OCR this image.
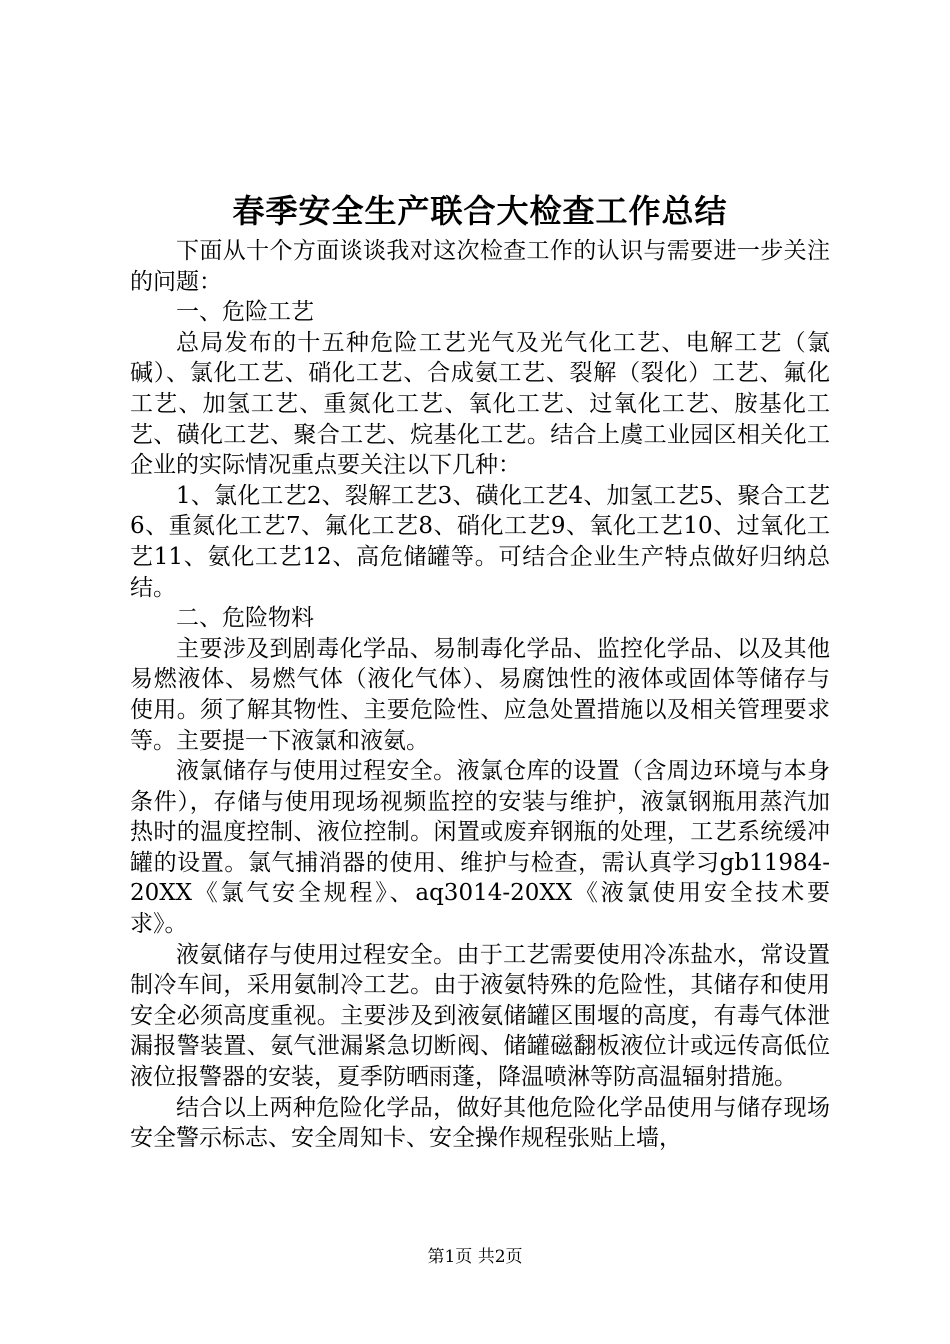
春季安全生产联合大检查工作总结

下面从十个方面谈谈我对这次检查工作的认识与需要进一步关注的问题：

一、危险工艺

总局发布的十五种危险工艺光气及光气化工艺、电解工艺（氯碱）、氯化工艺、硝化工艺、合成氨工艺、裂解（裂化）工艺、氟化工艺、加氢工艺、重氮化工艺、氧化工艺、过氧化工艺、胺基化工艺、磺化工艺、聚合工艺、烷基化工艺。结合上虞工业园区相关化工企业的实际情况重点要关注以下几种：

1、氯化工艺2、裂解工艺3、磺化工艺4、加氢工艺5、聚合工艺6、重氮化工艺7、氟化工艺8、硝化工艺9、氧化工艺10、过氧化工艺11、氨化工艺12、高危储罐等。可结合企业生产特点做好归纳总结。

二、危险物料

主要涉及到剧毒化学品、易制毒化学品、监控化学品、以及其他易燃液体、易燃气体（液化气体）、易腐蚀性的液体或固体等储存与使用。须了解其物性、主要危险性、应急处置措施以及相关管理要求等。主要提一下液氯和液氨。

液氯储存与使用过程安全。液氯仓库的设置（含周边环境与本身条件），存储与使用现场视频监控的安装与维护，液氯钢瓶用蒸汽加热时的温度控制、液位控制。闲置或废弃钢瓶的处理，工艺系统缓冲罐的设置。氯气捕消器的使用、维护与检查，需认真学习gb11984-20XX《氯气安全规程》、aq3014-20XX《液氯使用安全技术要求》。

液氨储存与使用过程安全。由于工艺需要使用冷冻盐水，常设置制冷车间，采用氨制冷工艺。由于液氨特殊的危险性，其储存和使用安全必须高度重视。主要涉及到液氨储罐区围堰的高度，有毒气体泄漏报警装置、氨气泄漏紧急切断阀、储罐磁翻板液位计或远传高低位液位报警器的安装，夏季防晒雨蓬，降温喷淋等防高温辐射措施。

结合以上两种危险化学品，做好其他危险化学品使用与储存现场安全警示标志、安全周知卡、安全操作规程张贴上墙，

第1页 共2页
